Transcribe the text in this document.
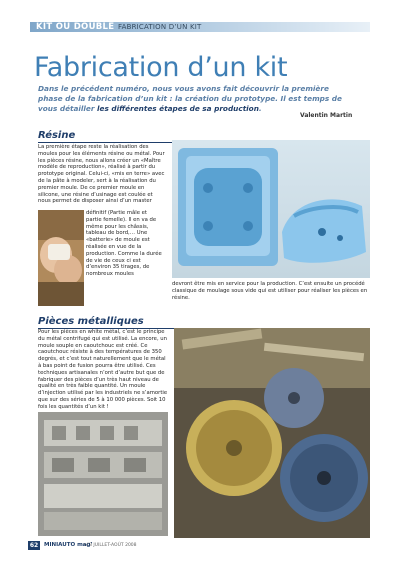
KIT OU DOUBLE FABRICATION D’UN KIT
Fabrication d’un kit
Dans le précédent numéro, nous vous avons fait découvrir la première phase de la fabrication d’un kit : la création du prototype. Il est temps de vous détailler les différentes étapes de sa production.
Valentin Martin
Résine
La première étape reste la réalisation des moules pour les éléments résine ou métal. Pour les pièces résine, nous allons créer un «Maître modèle de reproduction», réalisé à partir du prototype original. Celui-ci, «mis en terre» avec de la pâte à modeler, sert à la réalisation du premier moule. De ce premier moule en silicone, une résine d’usinage est coulée et nous permet de disposer ainsi d’un master
définitif (Partie mâle et partie femelle). Il en va de même pour les châssis, tableau de bord,… Une «batterie» de moule est réalisée en vue de la production. Comme la durée de vie de ceux ci est d’environ 35 tirages, de nombreux moules
devront être mis en service pour la production. C’est ensuite un procédé classique de moulage sous vide qui est utiliser pour réaliser les pièces en résine.
Pièces métalliques
Pour les pièces en white métal, c’est le principe du métal centrifugé qui est utilisé. La encore, un moule souple en caoutchouc est créé. Ce caoutchouc résiste à des températures de 350 degrés, et c’est tout naturellement que le métal à bas point de fusion pourra être utilisé. Ces techniques artisanales n’ont d’autre but que de fabriquer des pièces d’un très haut niveau de qualité en très faible quantité. Un moule d’injection utilisé par les industriels ne s’amortie que sur des séries de 5 à 10 000 pièces. Soit 10 fois les quantités d’un kit !
62	MINIAUTO mag’
n°3 JUILLET-AOÛT 2008
